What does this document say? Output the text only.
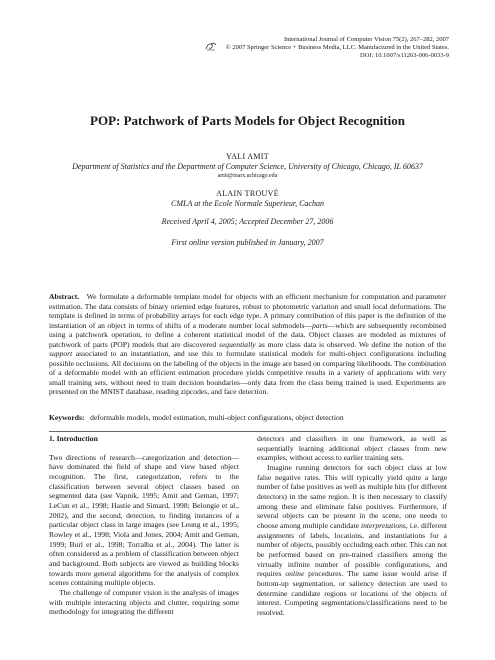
International Journal of Computer Vision 75(2), 267–282, 2007
© 2007 Springer Science + Business Media, LLC. Manufactured in the United States.
DOI: 10.1007/s11263-006-0033-9
POP: Patchwork of Parts Models for Object Recognition
YALI AMIT
Department of Statistics and the Department of Computer Science, University of Chicago, Chicago, IL 60637
amit@marx.uchicago.edu
ALAIN TROUVÉ
CMLA at the Ecole Normale Superieur, Cachan
Received April 4, 2005; Accepted December 27, 2006
First online version published in January, 2007
Abstract. We formulate a deformable template model for objects with an efficient mechanism for computation and parameter estimation. The data consists of binary oriented edge features, robust to photometric variation and small local deformations. The template is defined in terms of probability arrays for each edge type. A primary contribution of this paper is the definition of the instantiation of an object in terms of shifts of a moderate number local submodels—parts—which are subsequently recombined using a patchwork operation, to define a coherent statistical model of the data. Object classes are modeled as mixtures of patchwork of parts (POP) models that are discovered sequentially as more class data is observed. We define the notion of the support associated to an instantiation, and use this to formulate statistical models for multi-object configurations including possible occlusions. All decisions on the labeling of the objects in the image are based on comparing likelihoods. The combination of a deformable model with an efficient estimation procedure yields competitive results in a variety of applications with very small training sets, without need to train decision boundaries—only data from the class being trained is used. Experiments are presented on the MNIST database, reading zipcodes, and face detection.
Keywords: deformable models, model estimation, multi-object configurations, object detection
1. Introduction

Two directions of research—categorization and detection—have dominated the field of shape and view based object recognition. The first, categorization, refers to the classification between several object classes based on segmented data (see Vapnik, 1995; Amit and Geman, 1997; LeCun et al., 1998; Hastie and Simard, 1998; Belongie et al., 2002), and the second, detection, to finding instances of a particular object class in large images (see Leung et al., 1995; Rowley et al., 1998; Viola and Jones, 2004; Amit and Geman, 1999; Burl et al., 1998; Torralba et al., 2004). The latter is often considered as a problem of classification between object and background. Both subjects are viewed as building blocks towards more general algorithms for the analysis of complex scenes containing multiple objects.

The challenge of computer vision is the analysis of images with multiple interacting objects and clutter, requiring some methodology for integrating the different

detectors and classifiers in one framework, as well as sequentially learning additional object classes from new examples, without access to earlier training sets.

Imagine running detectors for each object class at low false negative rates. This will typically yield quite a large number of false positives as well as multiple hits (for different detectors) in the same region. It is then necessary to classify among these and eliminate false positives. Furthermore, if several objects can be present in the scene, one needs to choose among multiple candidate interpretations, i.e. different assignments of labels, locations, and instantiations for a number of objects, possibly occluding each other. This can not be performed based on pre-trained classifiers among the virtually infinite number of possible configurations, and requires online procedures. The same issue would arise if bottom-up segmentation, or saliency detection are used to determine candidate regions or locations of the objects of interest. Competing segmentations/classifications need to be resolved.
